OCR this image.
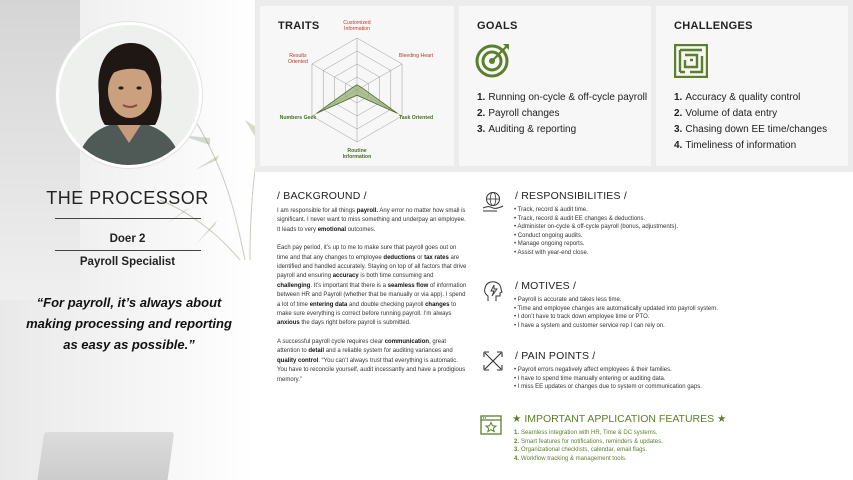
THE PROCESSOR
Doer 2
Payroll Specialist
“For payroll, it’s always about making processing and reporting as easy as possible.”
TRAITS	Customized Information
Bleeding Heart
Task Oriented
Routine Information
Numbers Geek
Results Oriented
GOALS
1. Running on-cycle & off-cycle payroll
2. Payroll changes
3. Auditing & reporting
CHALLENGES
1. Accuracy & quality control
2. Volume of data entry
3. Chasing down EE time/changes
4. Timeliness of information
/ BACKGROUND /

I am responsible for all things payroll. Any error no matter how small is significant. I never want to miss something and underpay an employee. It leads to very emotional outcomes.

Each pay period, it’s up to me to make sure that payroll goes out on time and that any changes to employee deductions or tax rates are identified and handled accurately. Staying on top of all factors that drive payroll and ensuring accuracy is both time consuming and challenging. It’s important that there is a seamless flow of information between HR and Payroll (whether that be manually or via app). I spend a lot of time entering data and double checking payroll changes to make sure everything is correct before running payroll. I’m always anxious the days right before payroll is submitted.

A successful payroll cycle requires clear communication, great attention to detail and a reliable system for auditing variances and quality control. “You can’t always trust that everything is automatic. You have to reconcile yourself, audit incessantly and have a prodigious memory.”

/ RESPONSIBILITIES /
• Track, record & audit time.
• Track, record & audit EE changes & deductions.
• Administer on-cycle & off-cycle payroll (bonus, adjustments).
• Conduct ongoing audits.
• Manage ongoing reports.
• Assist with year-end close.
/ MOTIVES /
• Payroll is accurate and takes less time.
• Time and employee changes are automatically updated into payroll system.
• I don’t have to track down employee time or PTO.
• I have a system and customer service rep I can rely on.
/ PAIN POINTS /
• Payroll errors negatively affect employees & their families.
• I have to spend time manually entering or auditing data.
• I miss EE updates or changes due to system or communication gaps.
★ IMPORTANT APPLICATION FEATURES ★
1. Seamless integration with HR, Time & DC systems.
2. Smart features for notifications, reminders & updates.
3. Organizational checklists, calendar, email flags.
4. Workflow tracking & management tools.
